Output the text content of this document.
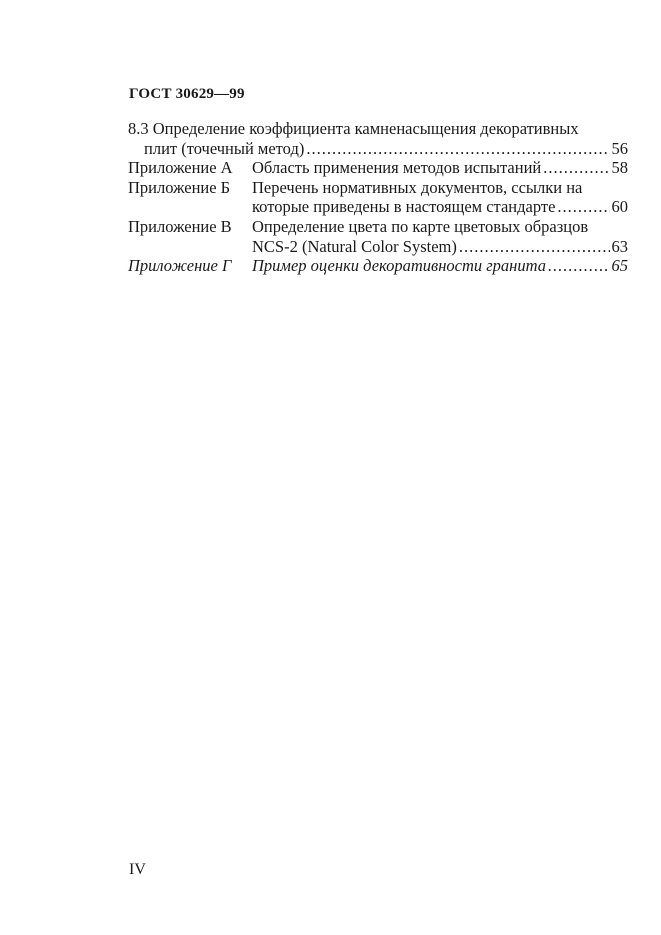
ГОСТ 30629—99
8.3 Определение коэффициента камненасыщения декоративных
плит (точечный метод) .....	56
Приложение А	Область применения методов испытаний .....	58
Приложение Б	Перечень нормативных документов, ссылки на
которые приведены в настоящем стандарте .....	60
Приложение В	Определение цвета по карте цветовых образцов
NCS-2 (Natural Color System) .....	63
Приложение Г	Пример оценки декоративности гранита .....	65
IV
